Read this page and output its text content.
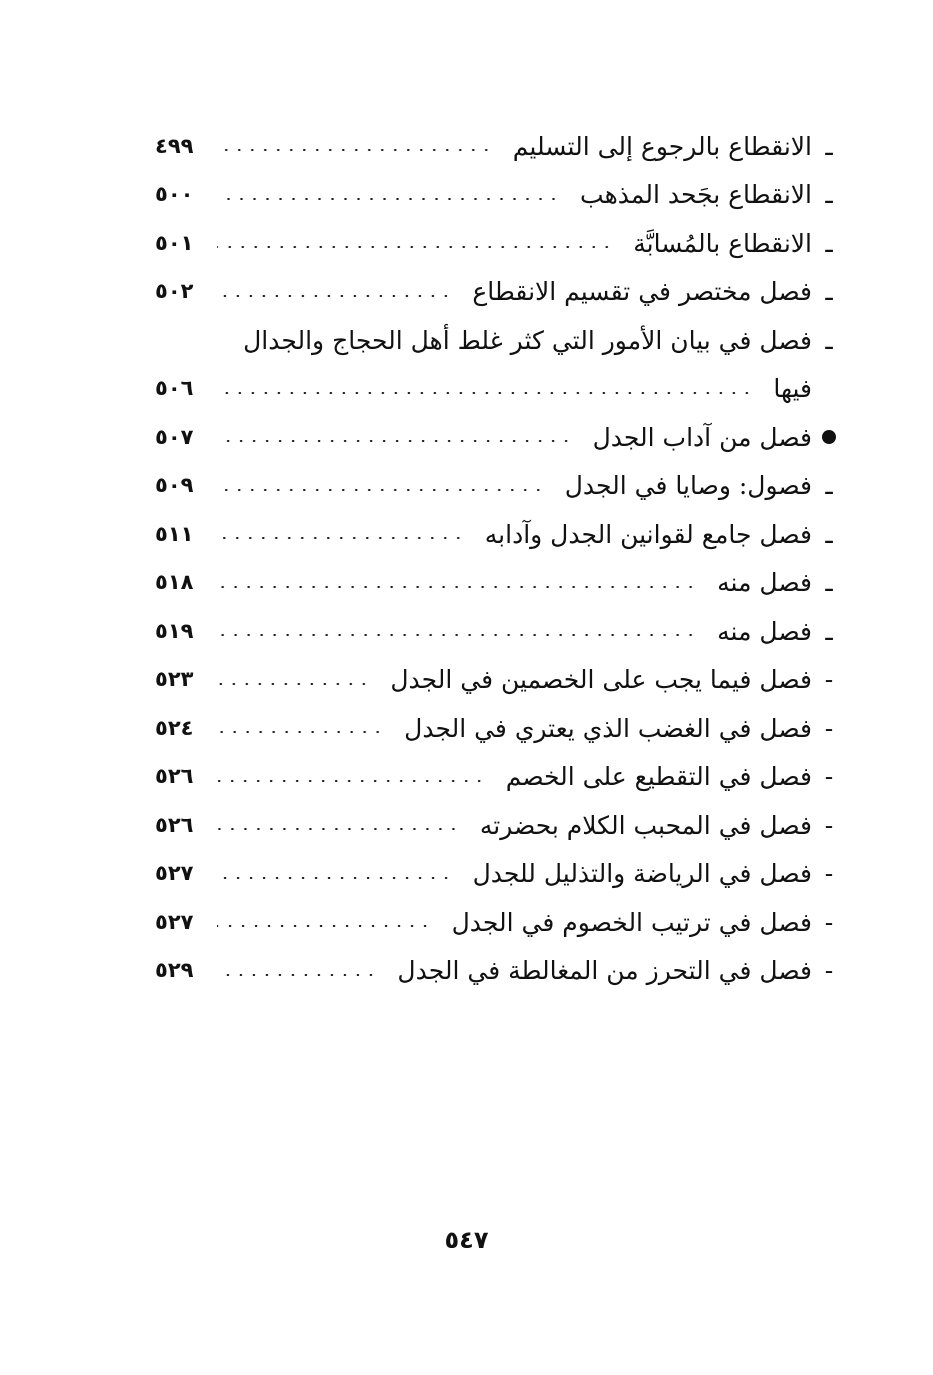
ـ
الانقطاع بالرجوع إلى التسليم
٤٩٩
ـ
الانقطاع بجَحد المذهب
٥٠٠
ـ
الانقطاع بالمُسابَّة
٥٠١
ـ
فصل مختصر في تقسيم الانقطاع
٥٠٢
ـ
فصل في بيان الأمور التي كثر غلط أهل الحجاج والجدال
فيها
٥٠٦
فصل من آداب الجدل
٥٠٧
ـ
فصول: وصايا في الجدل
٥٠٩
ـ
فصل جامع لقوانين الجدل وآدابه
٥١١
ـ
فصل منه
٥١٨
ـ
فصل منه
٥١٩
-
فصل فيما يجب على الخصمين في الجدل
٥٢٣
-
فصل في الغضب الذي يعتري في الجدل
٥٢٤
-
فصل في التقطيع على الخصم
٥٢٦
-
فصل في المحبب الكلام بحضرته
٥٢٦
-
فصل في الرياضة والتذليل للجدل
٥٢٧
-
فصل في ترتيب الخصوم في الجدل
٥٢٧
-
فصل في التحرز من المغالطة في الجدل
٥٢٩
٥٤٧
